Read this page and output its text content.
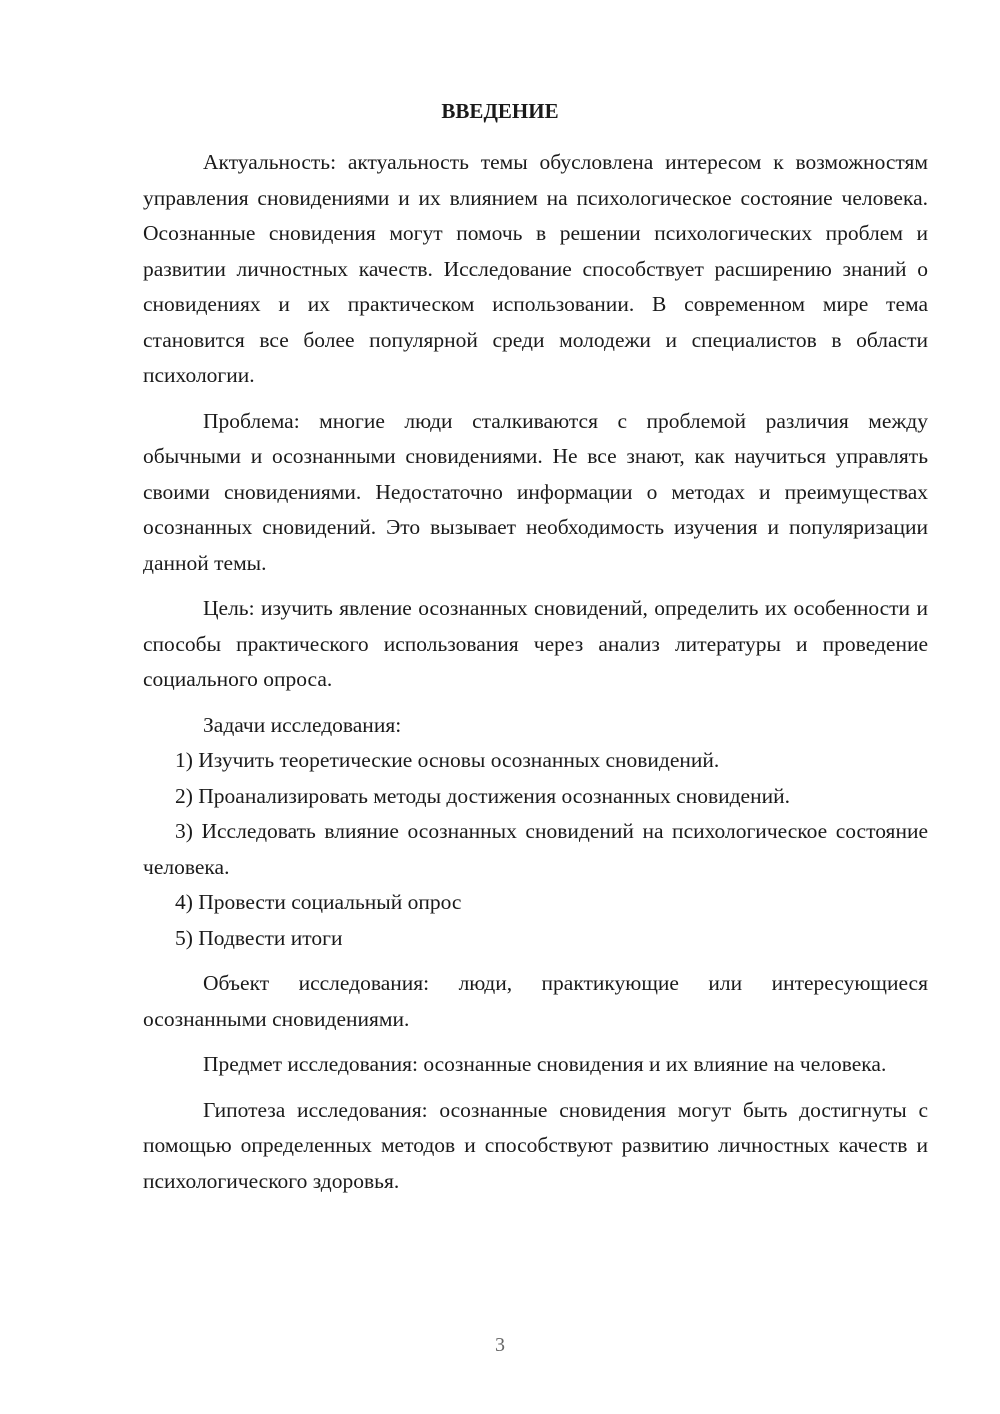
ВВЕДЕНИЕ

Актуальность: актуальность темы обусловлена интересом к возможностям управления сновидениями и их влиянием на психологическое состояние человека. Осознанные сновидения могут помочь в решении психологических проблем и развитии личностных качеств. Исследование способствует расширению знаний о сновидениях и их практическом использовании. В современном мире тема становится все более популярной среди молодежи и специалистов в области психологии.

Проблема: многие люди сталкиваются с проблемой различия между обычными и осознанными сновидениями. Не все знают, как научиться управлять своими сновидениями. Недостаточно информации о методах и преимуществах осознанных сновидений. Это вызывает необходимость изучения и популяризации данной темы.

Цель: изучить явление осознанных сновидений, определить их особенности и способы практического использования через анализ литературы и проведение социального опроса.

Задачи исследования:

1) Изучить теоретические основы осознанных сновидений.

2) Проанализировать методы достижения осознанных сновидений.

3) Исследовать влияние осознанных сновидений на психологическое состояние человека.

4) Провести социальный опрос

5) Подвести итоги

Объект исследования: люди, практикующие или интересующиеся осознанными сновидениями.

Предмет исследования: осознанные сновидения и их влияние на человека.

Гипотеза исследования: осознанные сновидения могут быть достигнуты с помощью определенных методов и способствуют развитию личностных качеств и психологического здоровья.

3
